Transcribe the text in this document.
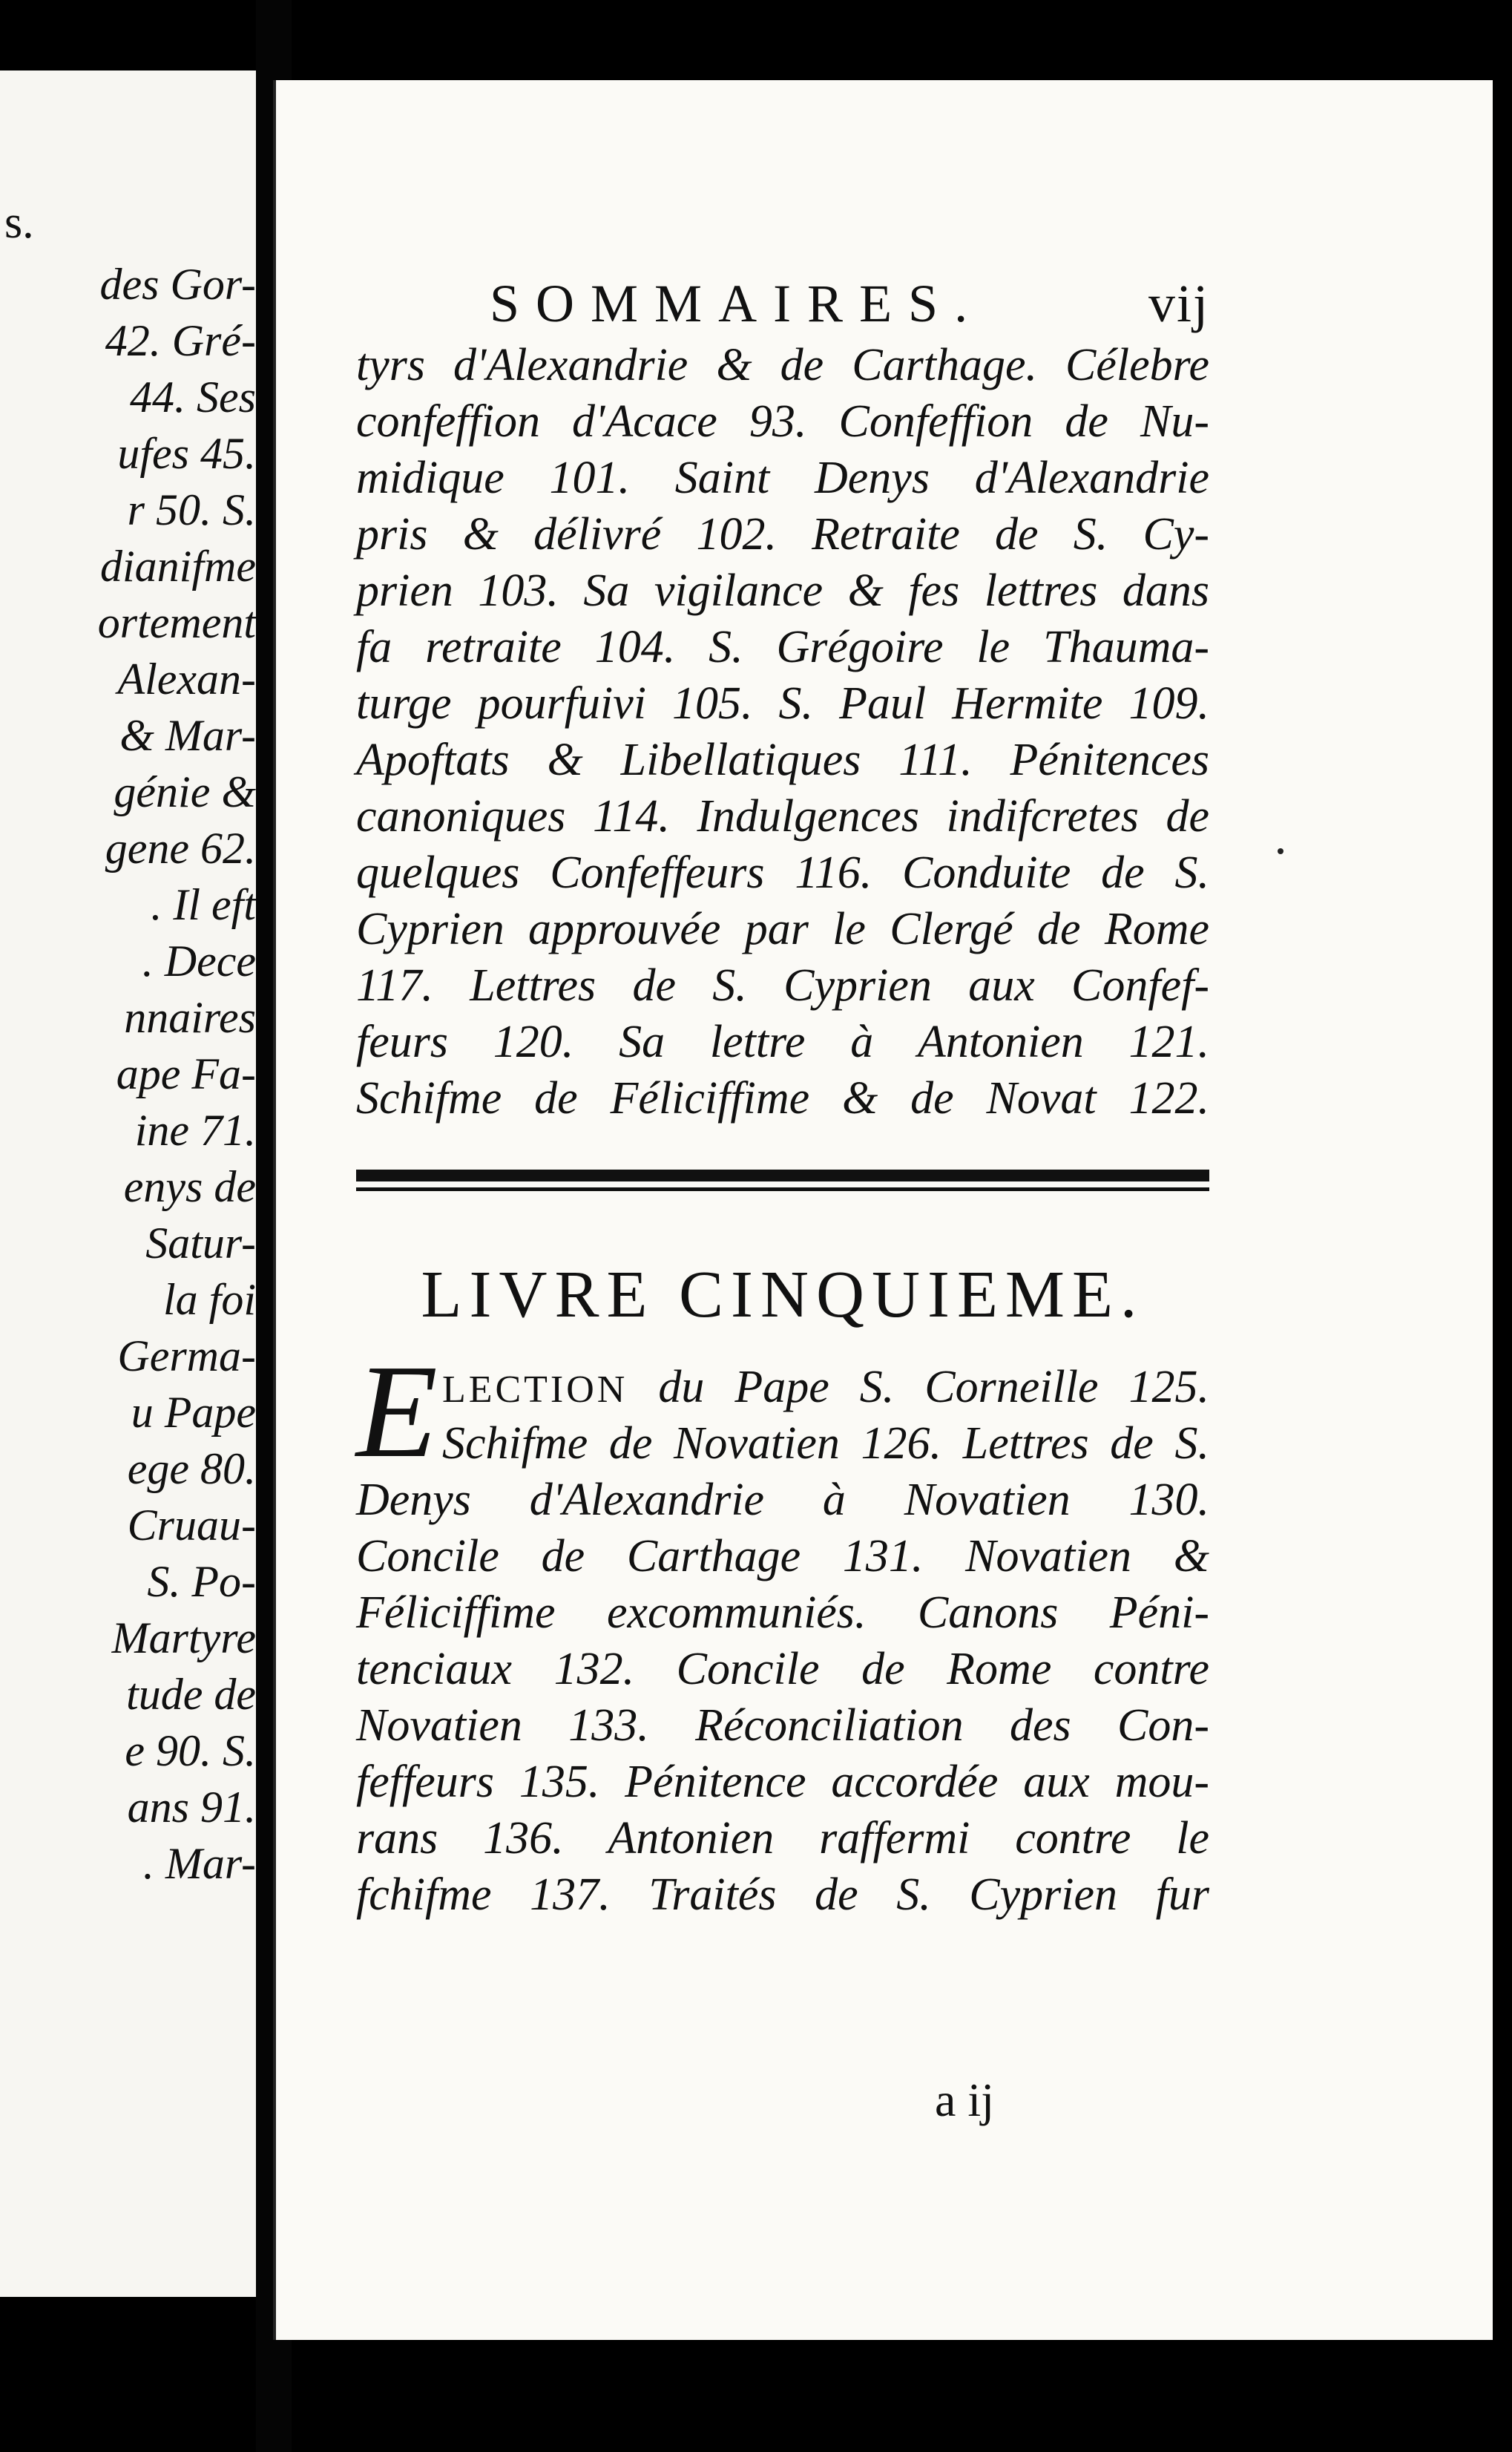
des Gor-
42. Gré-
44. Ses
ufes 45.
r 50. S.
dianifme
ortement
Alexan-
& Mar-
génie &
gene 62.
. Il eft
. Dece
nnaires
ape Fa-
ine 71.
enys de
Satur-
la foi
Germa-
u Pape
ege 80.
Cruau-
S. Po-
Martyre
tude de
e 90. S.
ans 91.
. Mar-
s.
SOMMAIRES.	vij
tyrs d'Alexandrie & de Carthage. Célebre
confeffion d'Acace 93. Confeffion de Nu-
midique 101. Saint Denys d'Alexandrie
pris & délivré 102. Retraite de S. Cy-
prien 103. Sa vigilance & fes lettres dans
fa retraite 104. S. Grégoire le Thauma-
turge pourfuivi 105. S. Paul Hermite 109.
Apoftats & Libellatiques 111. Pénitences
canoniques 114. Indulgences indifcretes de
quelques Confeffeurs 116. Conduite de S.
Cyprien approuvée par le Clergé de Rome
117. Lettres de S. Cyprien aux Confef-
feurs 120. Sa lettre à Antonien 121.
Schifme de Féliciffime & de Novat 122.
LIVRE CINQUIEME.
ELECTION du Pape S. Corneille 125.
Schifme de Novatien 126. Lettres de S.
Denys d'Alexandrie à Novatien 130.
Concile de Carthage 131. Novatien &
Féliciffime excommuniés. Canons Péni-
tenciaux 132. Concile de Rome contre
Novatien 133. Réconciliation des Con-
feffeurs 135. Pénitence accordée aux mou-
rans 136. Antonien raffermi contre le
fchifme 137. Traités de S. Cyprien fur
a ij
